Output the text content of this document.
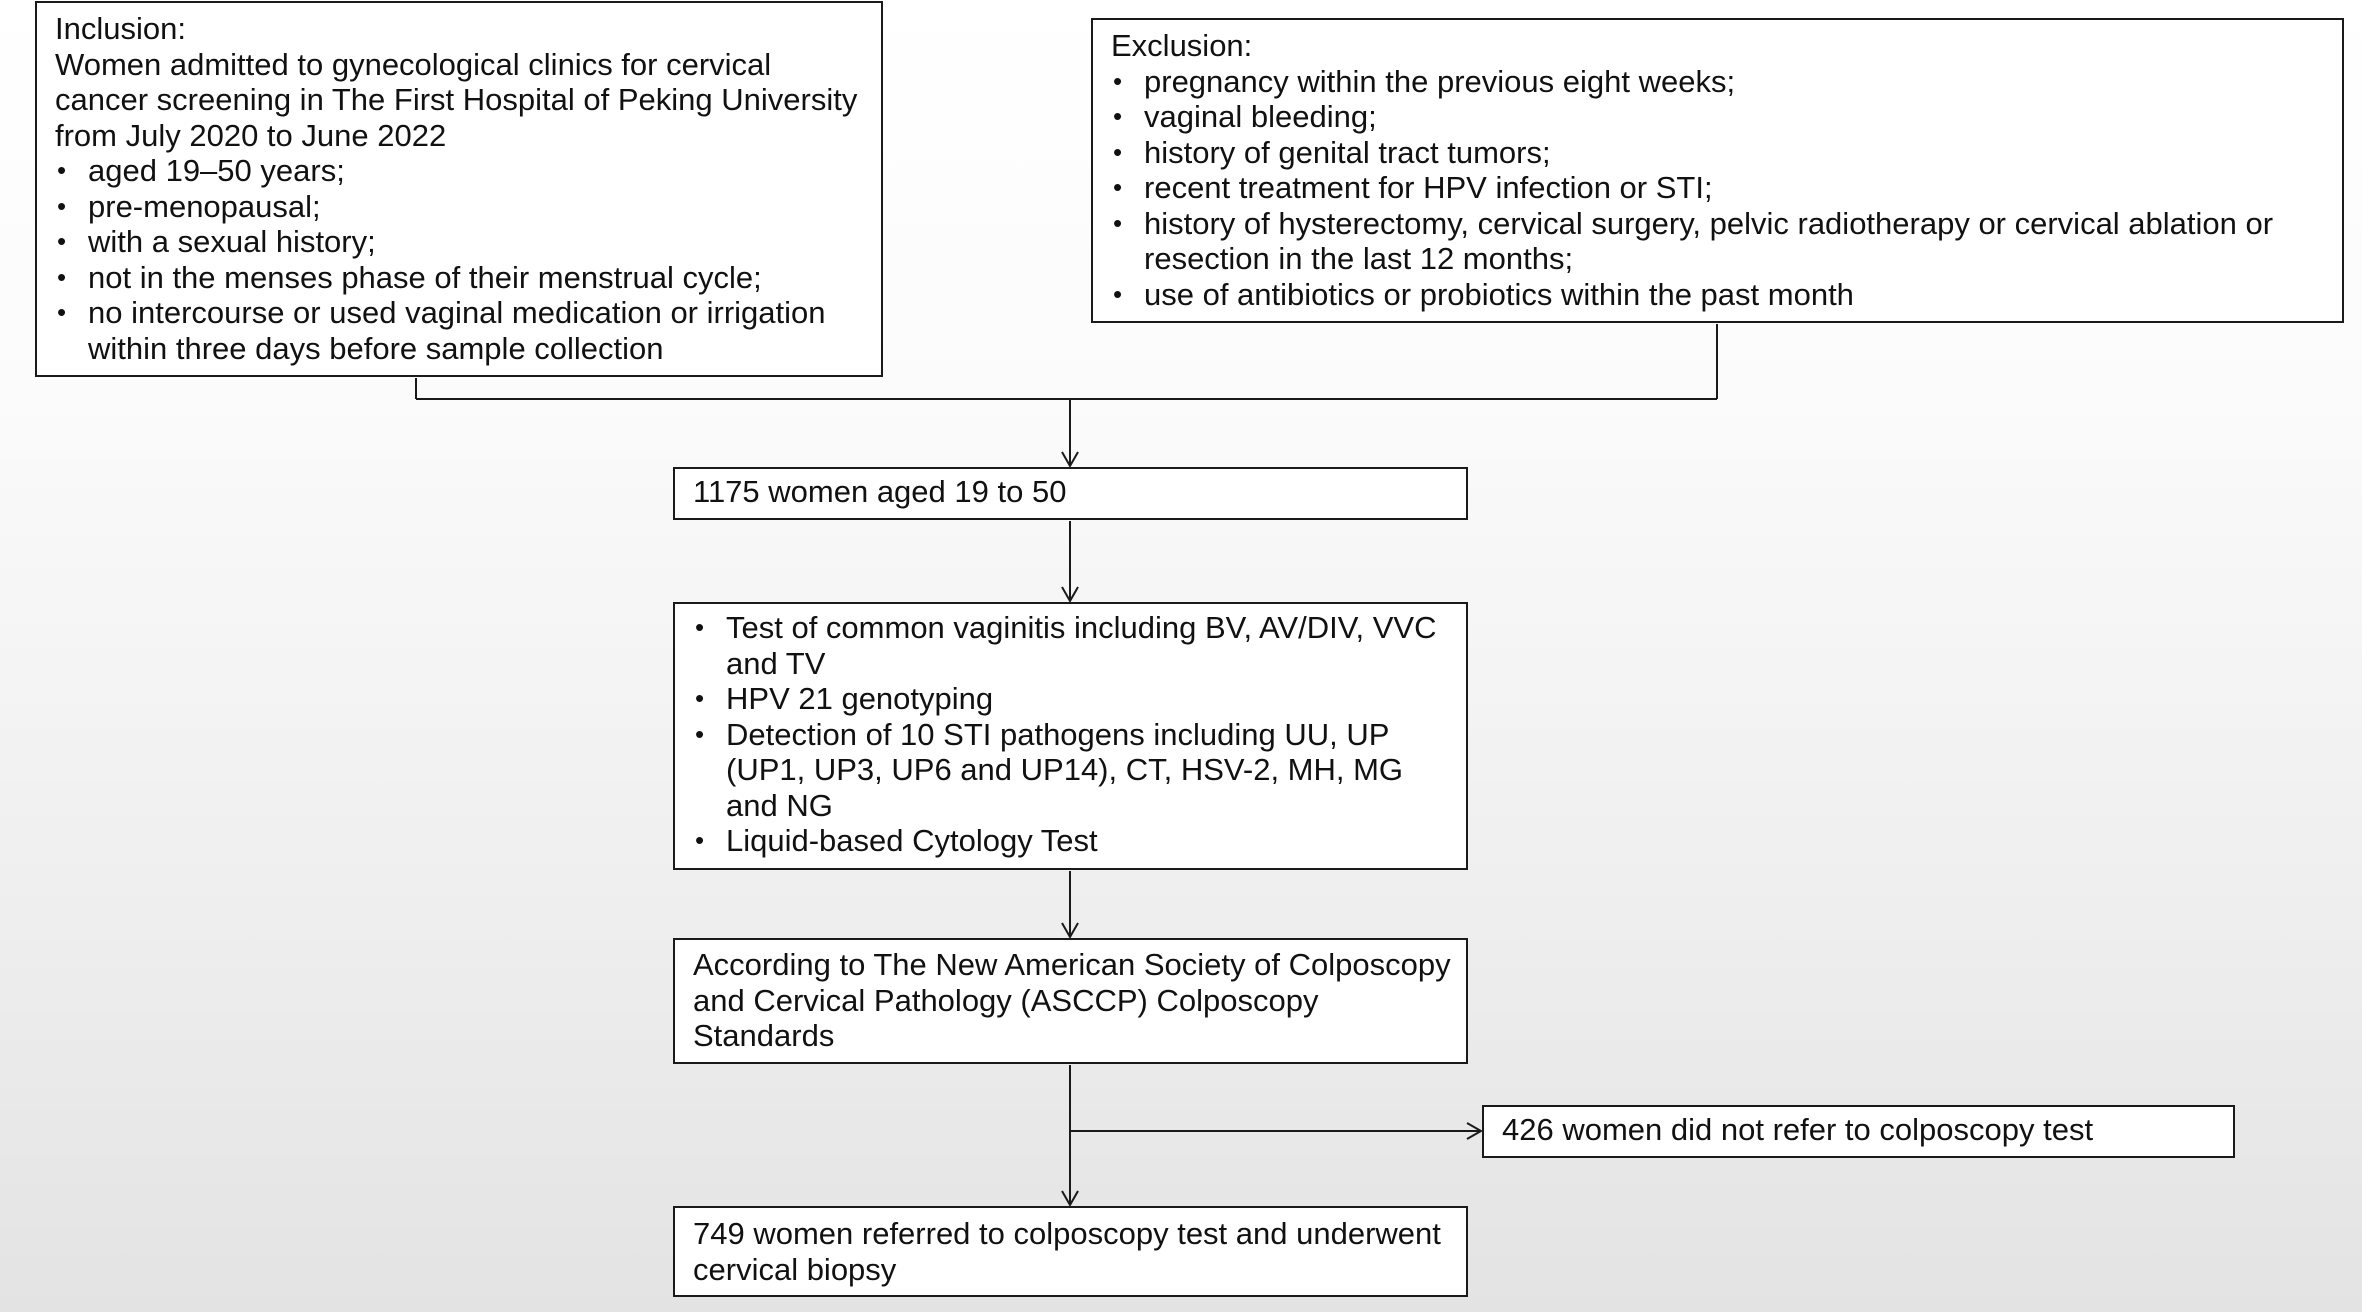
Inclusion:
Women admitted to gynecological clinics for cervical cancer screening in The First Hospital of Peking University from July 2020 to June 2022
• aged 19–50 years;
• pre-menopausal;
• with a sexual history;
• not in the menses phase of their menstrual cycle;
• no intercourse or used vaginal medication or irrigation within three days before sample collection
Exclusion:
• pregnancy within the previous eight weeks;
• vaginal bleeding;
• history of genital tract tumors;
• recent treatment for HPV infection or STI;
• history of hysterectomy, cervical surgery, pelvic radiotherapy or cervical ablation or resection in the last 12 months;
• use of antibiotics or probiotics within the past month
1175 women aged 19 to 50
• Test of common vaginitis including BV, AV/DIV, VVC and TV
• HPV 21 genotyping
• Detection of 10 STI pathogens including UU, UP (UP1, UP3, UP6 and UP14), CT, HSV-2, MH, MG and NG
• Liquid-based Cytology Test
According to The New American Society of Colposcopy and Cervical Pathology (ASCCP) Colposcopy Standards
426 women did not refer to colposcopy test
749 women referred to colposcopy test and underwent cervical biopsy
